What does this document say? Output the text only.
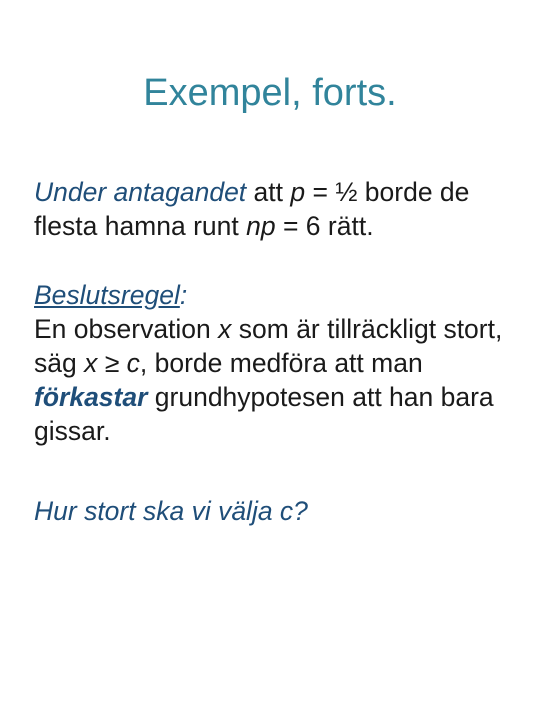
Exempel, forts.

Under antagandet att p = ½ borde de flesta hamna runt np = 6 rätt.

Beslutsregel:
En observation x som är tillräckligt stort, säg x ≥ c, borde medföra att man förkastar grundhypotesen att han bara gissar.

Hur stort ska vi välja c?
